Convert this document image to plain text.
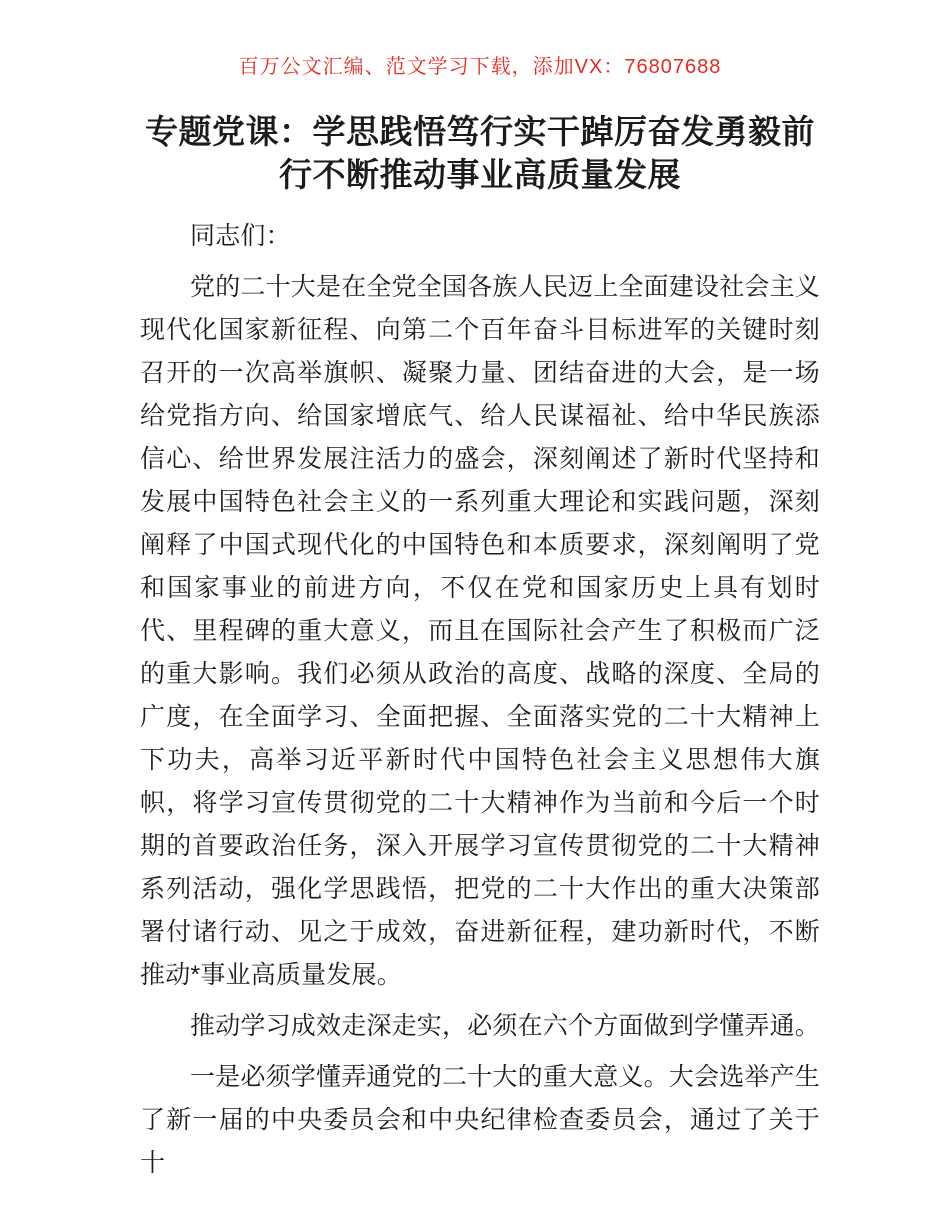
百万公文汇编、范文学习下载，添加VX：76807688
专题党课：学思践悟笃行实干踔厉奋发勇毅前行不断推动事业高质量发展

同志们：

党的二十大是在全党全国各族人民迈上全面建设社会主义现代化国家新征程、向第二个百年奋斗目标进军的关键时刻召开的一次高举旗帜、凝聚力量、团结奋进的大会，是一场给党指方向、给国家增底气、给人民谋福祉、给中华民族添信心、给世界发展注活力的盛会，深刻阐述了新时代坚持和发展中国特色社会主义的一系列重大理论和实践问题，深刻阐释了中国式现代化的中国特色和本质要求，深刻阐明了党和国家事业的前进方向，不仅在党和国家历史上具有划时代、里程碑的重大意义，而且在国际社会产生了积极而广泛的重大影响。我们必须从政治的高度、战略的深度、全局的广度，在全面学习、全面把握、全面落实党的二十大精神上下功夫，高举习近平新时代中国特色社会主义思想伟大旗帜，将学习宣传贯彻党的二十大精神作为当前和今后一个时期的首要政治任务，深入开展学习宣传贯彻党的二十大精神系列活动，强化学思践悟，把党的二十大作出的重大决策部署付诸行动、见之于成效，奋进新征程，建功新时代，不断推动*事业高质量发展。

推动学习成效走深走实，必须在六个方面做到学懂弄通。

一是必须学懂弄通党的二十大的重大意义。大会选举产生了新一届的中央委员会和中央纪律检查委员会，通过了关于十
